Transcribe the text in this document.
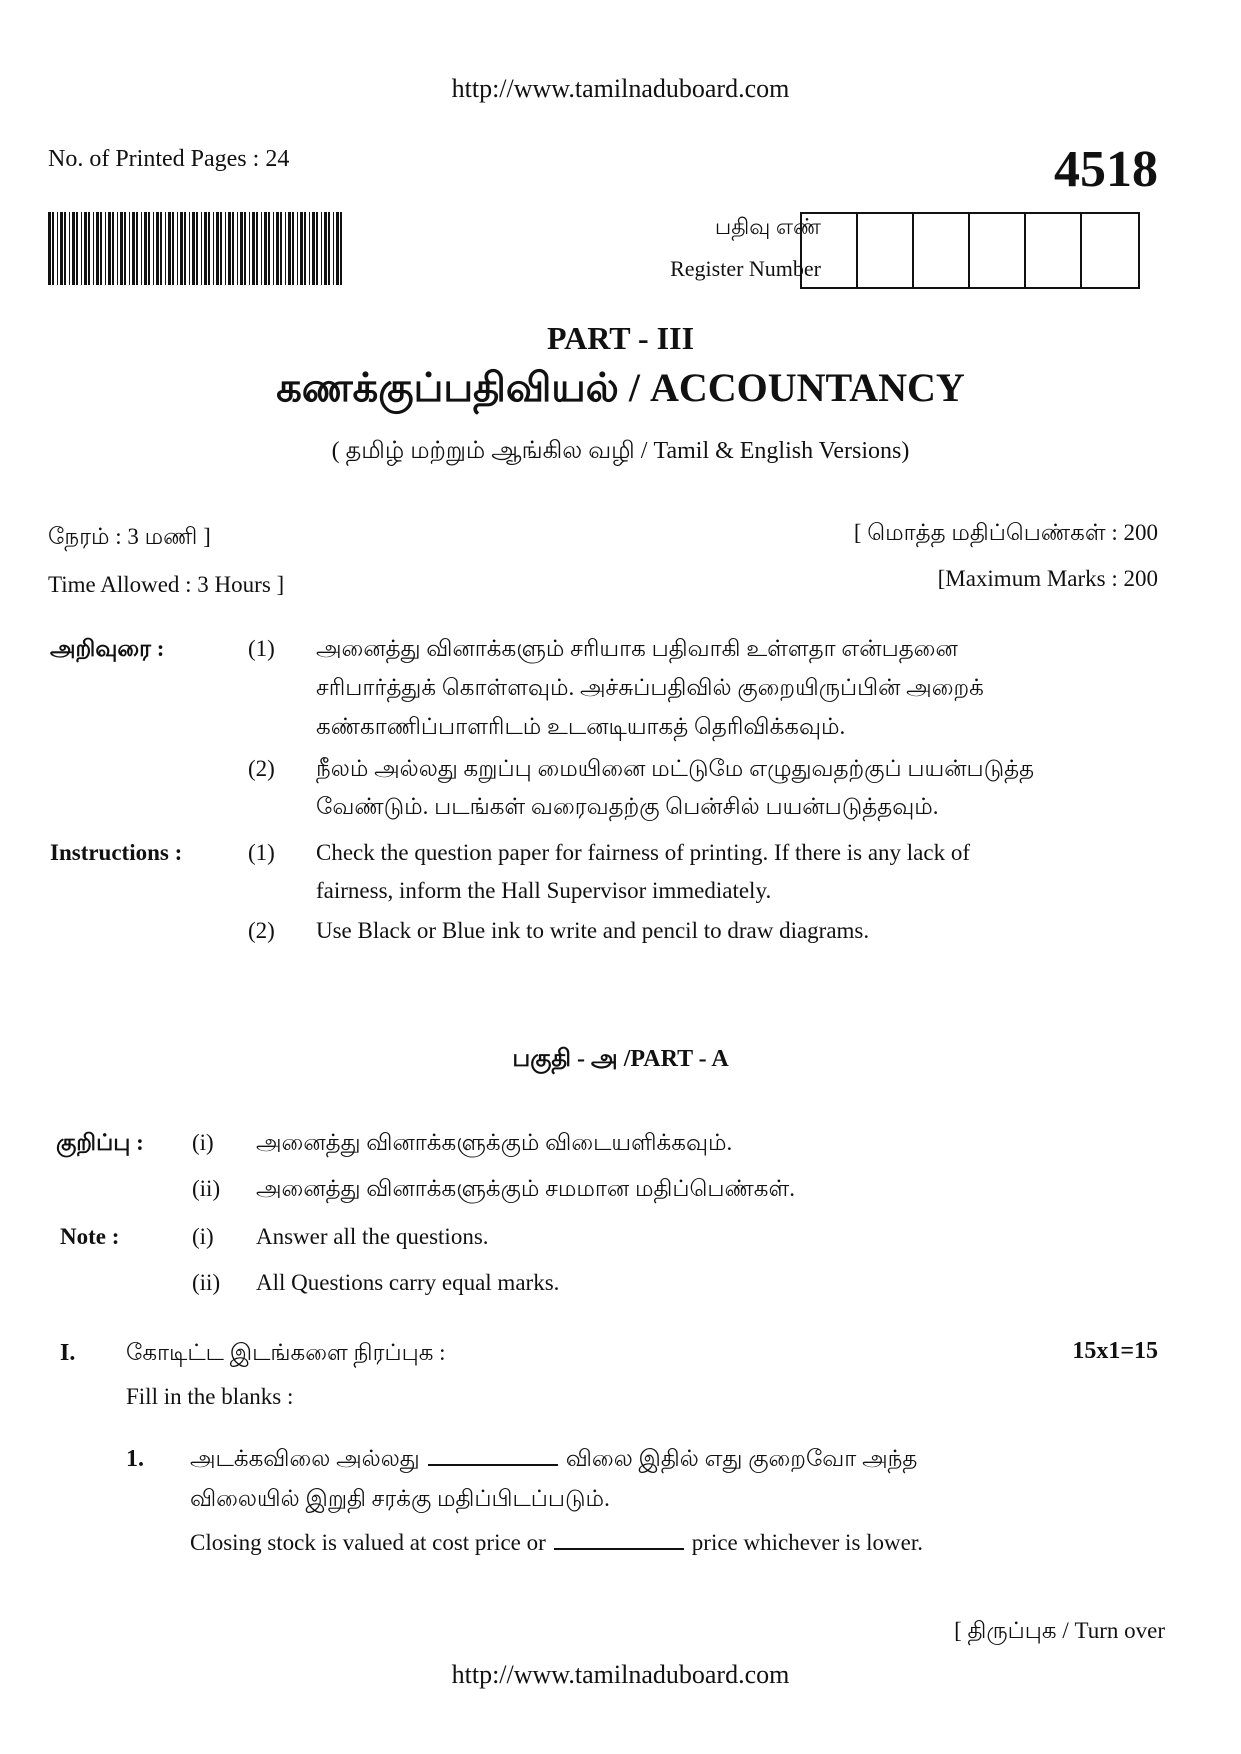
http://www.tamilnaduboard.com
No. of Printed Pages : 24	4518
பதிவு எண்
Register Number
PART - III
கணக்குப்பதிவியல் / ACCOUNTANCY
( தமிழ் மற்றும் ஆங்கில வழி / Tamil & English Versions)
நேரம் : 3 மணி ]
Time Allowed : 3 Hours ]
[ மொத்த மதிப்பெண்கள் : 200
[Maximum Marks : 200
அறிவுரை :	(1) அனைத்து வினாக்களும் சரியாக பதிவாகி உள்ளதா என்பதனை
சரிபார்த்துக் கொள்ளவும். அச்சுப்பதிவில் குறையிருப்பின் அறைக்
கண்காணிப்பாளரிடம் உடனடியாகத் தெரிவிக்கவும்.
(2) நீலம் அல்லது கறுப்பு மையினை மட்டுமே எழுதுவதற்குப் பயன்படுத்த
வேண்டும். படங்கள் வரைவதற்கு பென்சில் பயன்படுத்தவும்.
Instructions :	(1) Check the question paper for fairness of printing. If there is any lack of
fairness, inform the Hall Supervisor immediately.
(2) Use Black or Blue ink to write and pencil to draw diagrams.
பகுதி - அ /PART - A
குறிப்பு : (i) அனைத்து வினாக்களுக்கும் விடையளிக்கவும்.
(ii) அனைத்து வினாக்களுக்கும் சமமான மதிப்பெண்கள்.
Note :	(i) Answer all the questions.
(ii) All Questions carry equal marks.
I. கோடிட்ட இடங்களை நிரப்புக :	15x1=15
Fill in the blanks :
1. அடக்கவிலை அல்லது	விலை இதில் எது குறைவோ அந்த
விலையில் இறுதி சரக்கு மதிப்பிடப்படும்.
Closing stock is valued at cost price or	price whichever is lower.
[ திருப்புக / Turn over
http://www.tamilnaduboard.com
